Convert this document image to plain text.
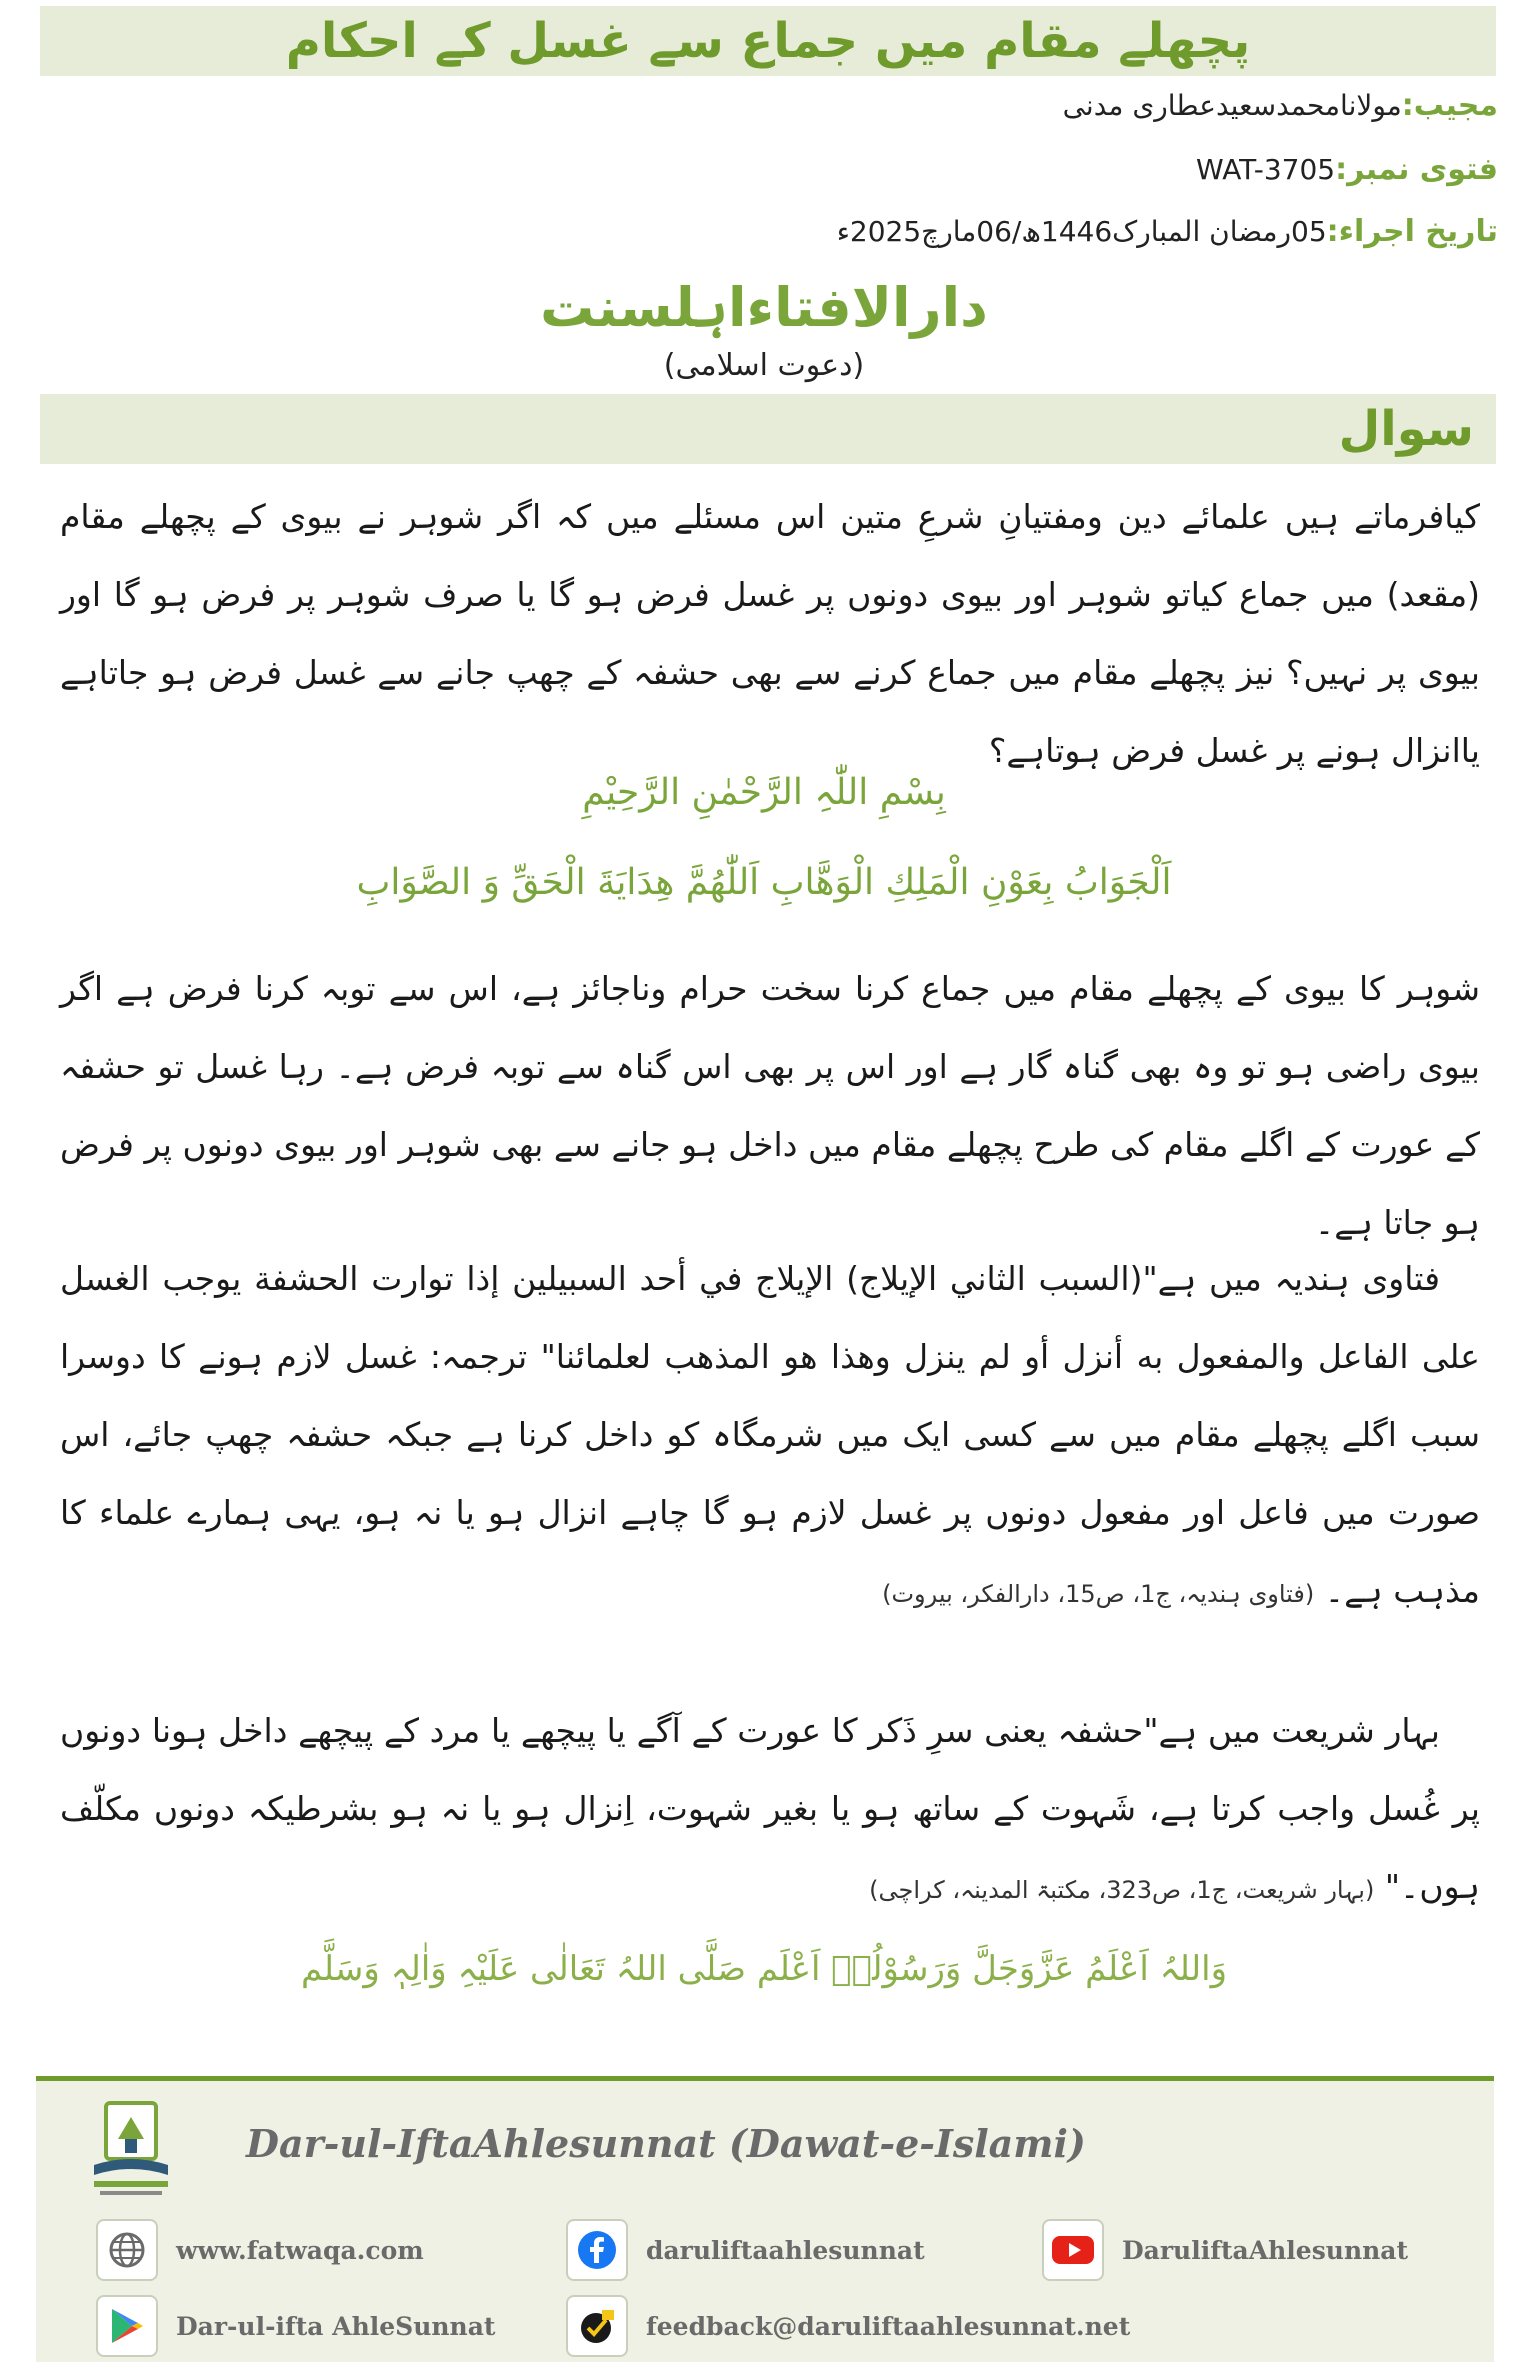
پچھلے مقام میں جماع سے غسل کے احکام
مجیب:مولانامحمدسعیدعطاری مدنی
فتوی نمبر:WAT-3705
تاریخ اجراء:05رمضان المبارک1446ھ/06مارچ2025ء
دارالافتاءاہلسنت
(دعوت اسلامی)
سوال
کیافرماتے ہیں علمائے دین ومفتیانِ شرعِ متین اس مسئلے میں کہ اگر شوہر نے بیوی کے پچھلے مقام (مقعد) میں جماع کیاتو شوہر اور بیوی دونوں پر غسل فرض ہو گا یا صرف شوہر پر فرض ہو گا اور بیوی پر نہیں؟ نیز پچھلے مقام میں جماع کرنے سے بھی حشفہ کے چھپ جانے سے غسل فرض ہو جاتاہے یاانزال ہونے پر غسل فرض ہوتاہے؟
بِسْمِ اللّٰہِ الرَّحْمٰنِ الرَّحِیْمِ
اَلْجَوَابُ بِعَوْنِ الْمَلِكِ الْوَهَّابِ اَللّٰهُمَّ هِدَايَةَ الْحَقِّ وَ الصَّوَابِ
شوہر کا بیوی کے پچھلے مقام میں جماع کرنا سخت حرام وناجائز ہے، اس سے توبہ کرنا فرض ہے اگر بیوی راضی ہو تو وہ بھی گناہ گار ہے اور اس پر بھی اس گناہ سے توبہ فرض ہے۔ رہا غسل تو حشفہ کے عورت کے اگلے مقام کی طرح پچھلے مقام میں داخل ہو جانے سے بھی شوہر اور بیوی دونوں پر فرض ہو جاتا ہے۔
فتاوی ہندیہ میں ہے"(السبب الثاني الإيلاج) الإيلاج في أحد السبيلين إذا توارت الحشفة يوجب الغسل على الفاعل والمفعول به أنزل أو لم ينزل وهذا هو المذهب لعلمائنا" ترجمہ: غسل لازم ہونے کا دوسرا سبب اگلے پچھلے مقام میں سے کسی ایک میں شرمگاہ کو داخل کرنا ہے جبکہ حشفہ چھپ جائے، اس صورت میں فاعل اور مفعول دونوں پر غسل لازم ہو گا چاہے انزال ہو یا نہ ہو، یہی ہمارے علماء کا مذہب ہے۔ (فتاوی ہندیہ، ج1، ص15، دارالفکر، بیروت)
بہار شریعت میں ہے"حشفہ یعنی سرِ ذَکر کا عورت کے آگے یا پیچھے یا مرد کے پیچھے داخل ہونا دونوں پر غُسل واجب کرتا ہے، شَہوت کے ساتھ ہو یا بغیر شہوت، اِنزال ہو یا نہ ہو بشرطیکہ دونوں مکلّف ہوں۔" (بہار شریعت، ج1، ص323، مکتبۃ المدینہ، کراچی)
وَاللہُ اَعْلَمُ عَزَّوَجَلَّ وَرَسُوْلُہٗ اَعْلَم صَلَّی اللہُ تَعَالٰی عَلَیْہِ وَاٰلِہٖ وَسَلَّم
Dar-ul-IftaAhlesunnat (Dawat-e-Islami)
www.fatwaqa.com	daruliftaahlesunnat	DaruliftaAhlesunnat
Dar-ul-ifta AhleSunnat	feedback@daruliftaahlesunnat.net
